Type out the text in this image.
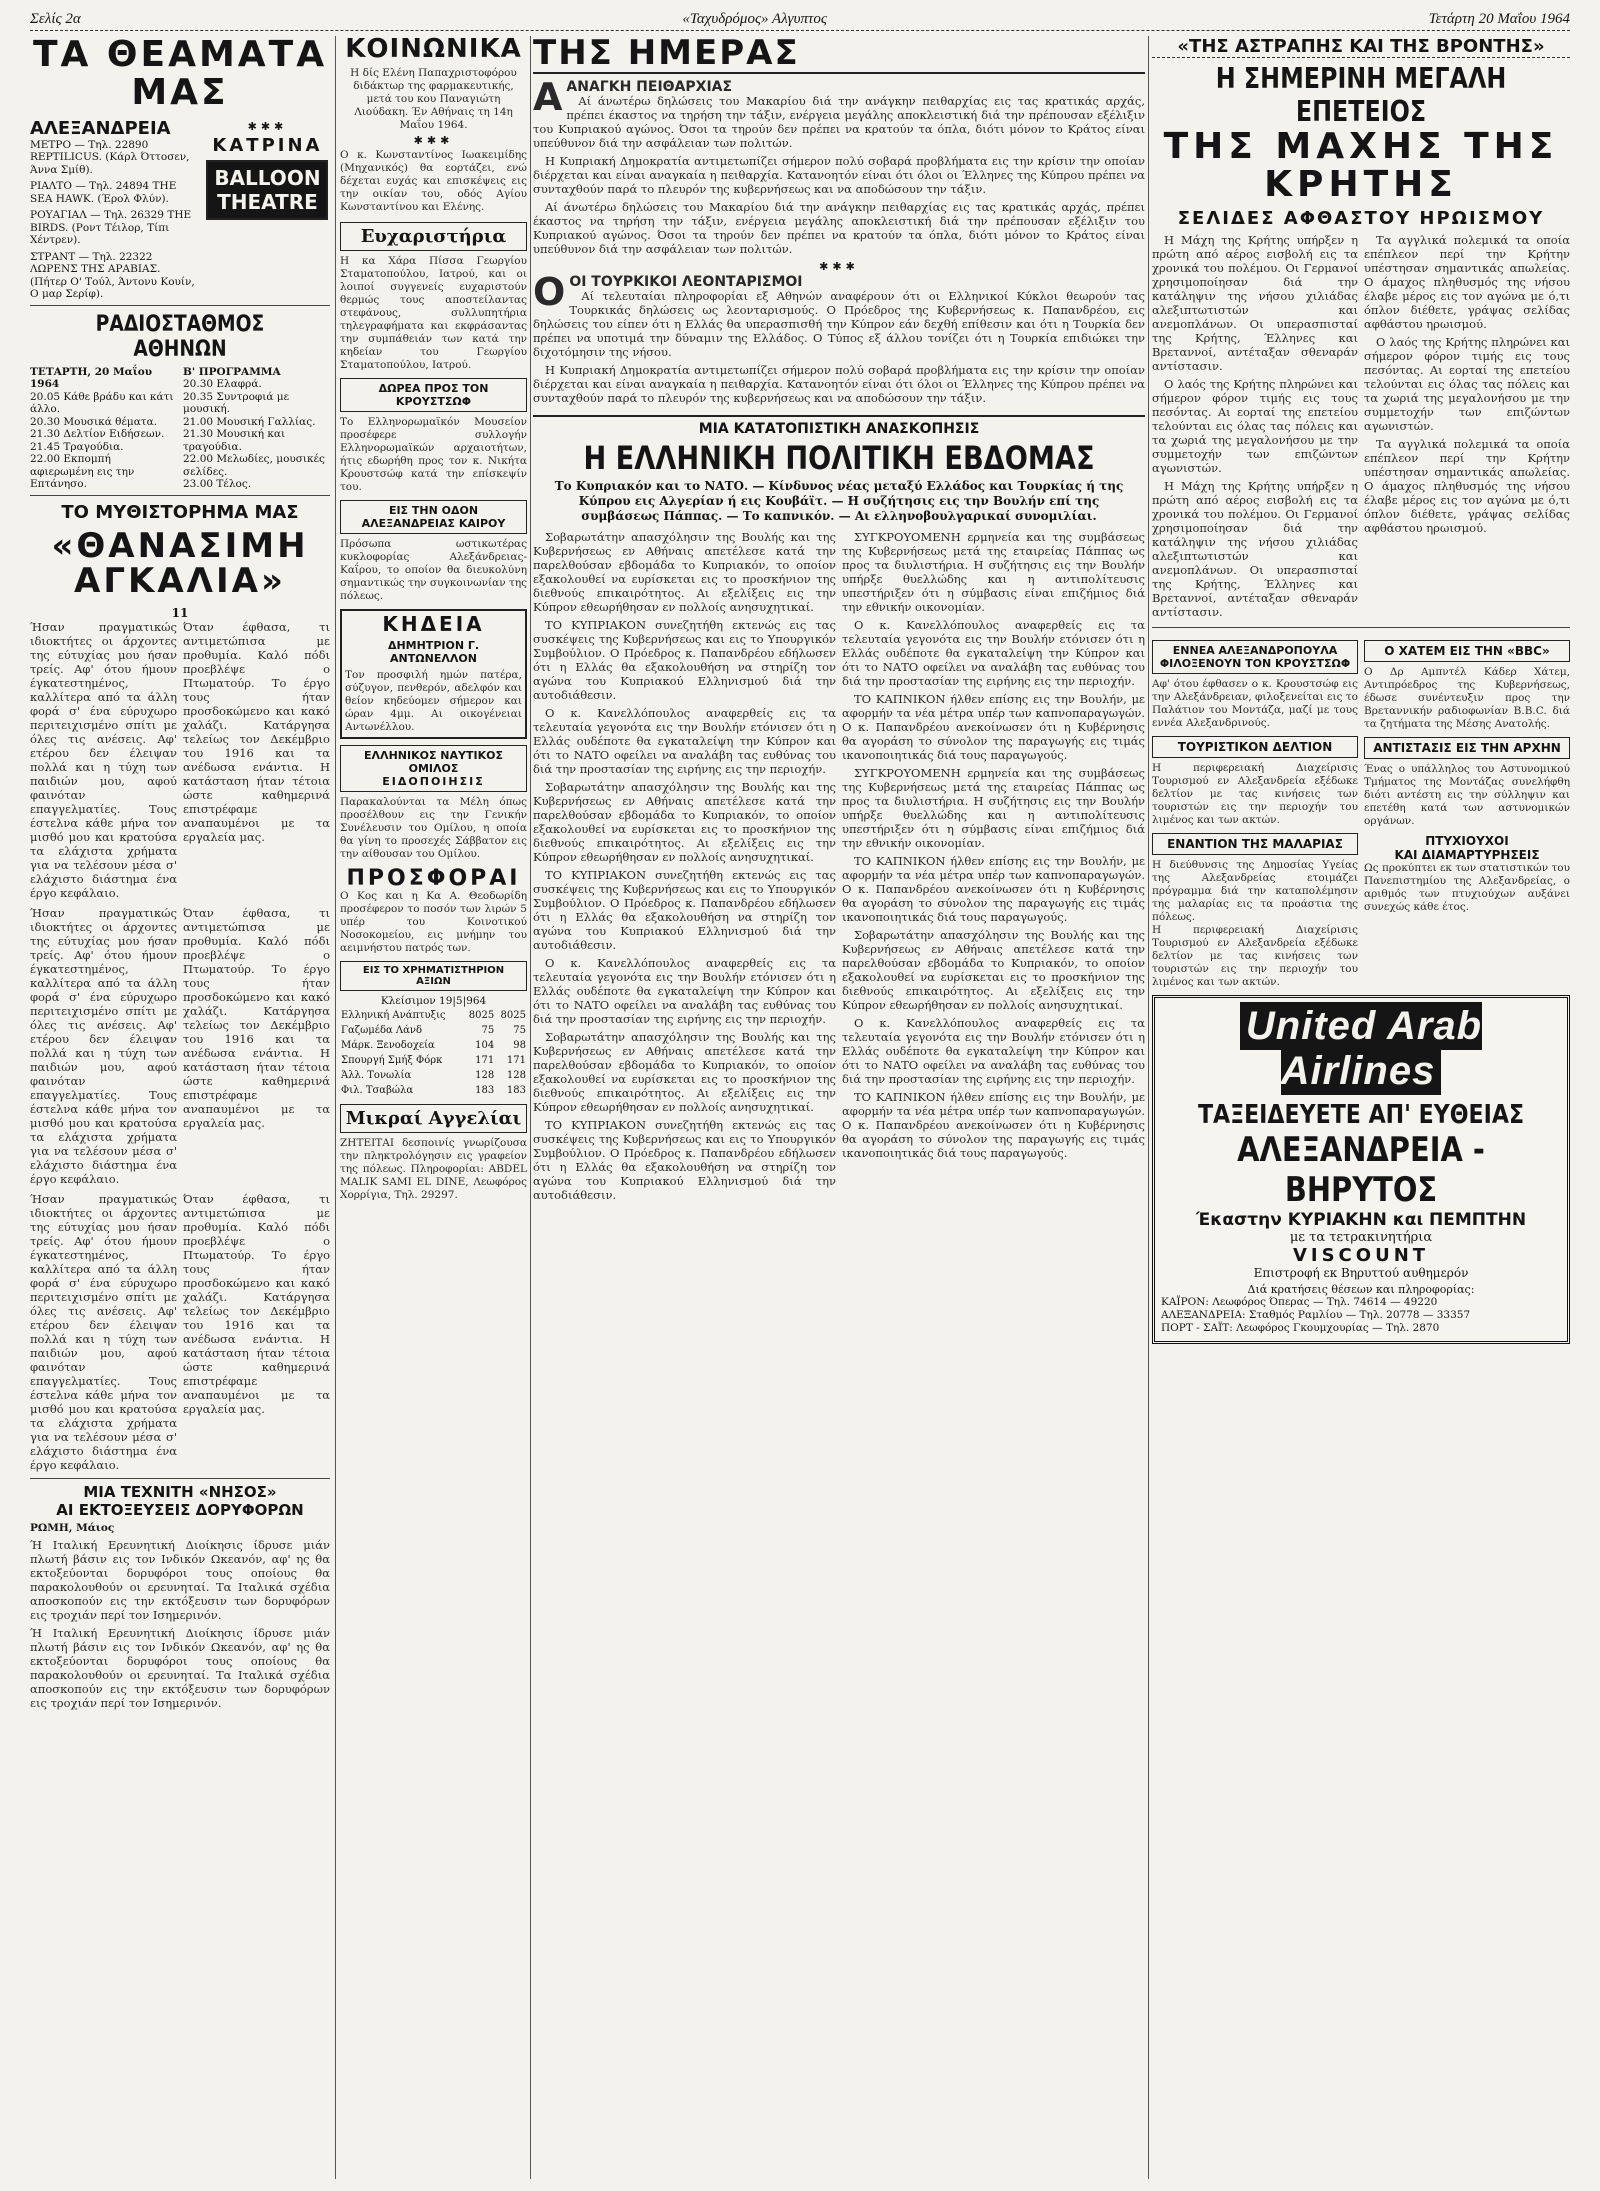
Σελίς 2α	«Ταχυδρόμος» Αλγυπτος	Τετάρτη 20 Μαΐου 1964
ΤΑ ΘΕΑΜΑΤΑ ΜΑΣ
ΑΛΕΞΑΝΔΡΕΙΑ
ΜΕΤΡΟ — Τηλ. 22890 REPTILICUS. (Κάρλ Όττοσεν, Άννα Σμίθ).
ΡΙΑΛΤΟ — Τηλ. 24894 THE SEA HAWK. (Έρολ Φλύν).
ΡΟΥΑΓΙΑΛ — Τηλ. 26329 THE BIRDS. (Ροντ Τέιλορ, Τίπι Χέντρεν).
ΣΤΡΑΝΤ — Τηλ. 22322 ΛΩΡΕΝΣ ΤΗΣ ΑΡΑΒΙΑΣ. (Πήτερ Ο' Τούλ, Άντονυ Κουίν, Ο μαρ Σερίφ).
✱✱✱
ΚΑΤΡΙΝΑ
BALLOON
THEATRE
ΡΑΔΙΟΣΤΑΘΜΟΣ ΑΘΗΝΩΝ
ΤΕΤΑΡΤΗ, 20 Μαΐου 1964
20.05 Κάθε βράδυ και κάτι άλλο.
20.30 Μουσικά θέματα.
21.30 Δελτίον Ειδήσεων.
21.45 Τραγούδια.
22.00 Εκπομπή αφιερωμένη εις την Επτάνησο.
Β' ΠΡΟΓΡΑΜΜΑ
20.30 Ελαφρά.
20.35 Συντροφιά με μουσική.
21.00 Μουσική Γαλλίας.
21.30 Μουσική και τραγούδια.
22.00 Μελωδίες, μουσικές σελίδες.
23.00 Τέλος.
ΤΟ ΜΥΘΙΣΤΟΡΗΜΑ ΜΑΣ
«ΘΑΝΑΣΙΜΗ ΑΓΚΑΛΙΑ»
11
Ήσαν πραγματικώς ιδιοκτήτες οι άρχοντες της εύτυχίας μου ήσαν τρείς. Αφ' ότου ήμουν έγκατεστημένος, καλλίτερα από τα άλλη φορά σ' ένα εύρυχωρο περιτειχισμένο σπίτι με όλες τις ανέσεις. Αφ' ετέρου δεν έλειψαν πολλά και η τύχη των παιδιών μου, αφού φαινόταν επαγγελματίες. Τους έστελνα κάθε μήνα τον μισθό μου και κρατούσα τα ελάχιστα χρήματα για να τελέσουν μέσα σ' ελάχιστο διάστημα ένα έργο κεφάλαιο.
Όταν έφθασα, τι αντιμετώπισα με προθυμία. Καλό πόδι προεβλέψε ο Πτωματούρ. Το έργο τους ήταν προσδοκώμενο και κακό χαλάζι. Κατάργησα τελείως τον Δεκέμβριο του 1916 και τα ανέδωσα ενάντια. Η κατάσταση ήταν τέτοια ώστε καθημερινά επιστρέφαμε αναπαυμένοι με τα εργαλεία μας.
Ήσαν πραγματικώς ιδιοκτήτες οι άρχοντες της εύτυχίας μου ήσαν τρείς. Αφ' ότου ήμουν έγκατεστημένος, καλλίτερα από τα άλλη φορά σ' ένα εύρυχωρο περιτειχισμένο σπίτι με όλες τις ανέσεις. Αφ' ετέρου δεν έλειψαν πολλά και η τύχη των παιδιών μου, αφού φαινόταν επαγγελματίες. Τους έστελνα κάθε μήνα τον μισθό μου και κρατούσα τα ελάχιστα χρήματα για να τελέσουν μέσα σ' ελάχιστο διάστημα ένα έργο κεφάλαιο.
Όταν έφθασα, τι αντιμετώπισα με προθυμία. Καλό πόδι προεβλέψε ο Πτωματούρ. Το έργο τους ήταν προσδοκώμενο και κακό χαλάζι. Κατάργησα τελείως τον Δεκέμβριο του 1916 και τα ανέδωσα ενάντια. Η κατάσταση ήταν τέτοια ώστε καθημερινά επιστρέφαμε αναπαυμένοι με τα εργαλεία μας.
Ήσαν πραγματικώς ιδιοκτήτες οι άρχοντες της εύτυχίας μου ήσαν τρείς. Αφ' ότου ήμουν έγκατεστημένος, καλλίτερα από τα άλλη φορά σ' ένα εύρυχωρο περιτειχισμένο σπίτι με όλες τις ανέσεις. Αφ' ετέρου δεν έλειψαν πολλά και η τύχη των παιδιών μου, αφού φαινόταν επαγγελματίες. Τους έστελνα κάθε μήνα τον μισθό μου και κρατούσα τα ελάχιστα χρήματα για να τελέσουν μέσα σ' ελάχιστο διάστημα ένα έργο κεφάλαιο.
Όταν έφθασα, τι αντιμετώπισα με προθυμία. Καλό πόδι προεβλέψε ο Πτωματούρ. Το έργο τους ήταν προσδοκώμενο και κακό χαλάζι. Κατάργησα τελείως τον Δεκέμβριο του 1916 και τα ανέδωσα ενάντια. Η κατάσταση ήταν τέτοια ώστε καθημερινά επιστρέφαμε αναπαυμένοι με τα εργαλεία μας.
ΜΙΑ ΤΕΧΝΙΤΗ «ΝΗΣΟΣ»
ΑΙ ΕΚΤΟΞΕΥΣΕΙΣ ΔΟΡΥΦΟΡΩΝ
ΡΩΜΗ, Μάιος
Ή Ιταλική Ερευνητική Διοίκησις ίδρυσε μιάν πλωτή βάσιν εις τον Ινδικόν Ωκεανόν, αφ' ης θα εκτοξεύονται δορυφόροι τους οποίους θα παρακολουθούν οι ερευνηταί. Τα Ιταλικά σχέδια αποσκοπούν εις την εκτόξευσιν των δορυφόρων εις τροχιάν περί τον Ισημερινόν.
Ή Ιταλική Ερευνητική Διοίκησις ίδρυσε μιάν πλωτή βάσιν εις τον Ινδικόν Ωκεανόν, αφ' ης θα εκτοξεύονται δορυφόροι τους οποίους θα παρακολουθούν οι ερευνηταί. Τα Ιταλικά σχέδια αποσκοπούν εις την εκτόξευσιν των δορυφόρων εις τροχιάν περί τον Ισημερινόν.
ΚΟΙΝΩΝΙΚΑ
Η δίς Ελένη Παπαχριστοφόρου διδάκτωρ της φαρμακευτικής, μετά του κου Παναγιώτη Λιούδακη. Έν Αθήναις τη 14η Μαΐου 1964.
✱✱✱
Ο κ. Κωνσταντίνος Ιωακειμίδης (Μηχανικός) θα εορτάζει, ενώ δέχεται ευχάς και επισκέψεις εις την οικίαν του, οδός Αγίου Κωνσταντίνου και Ελένης.
Ευχαριστήρια
Η κα Χάρα Πίσσα Γεωργίου Σταματοπούλου, Ιατρού, και οι λοιποί συγγενείς ευχαριστούν θερμώς τους αποστείλαντας στεφάνους, συλλυπητήρια τηλεγραφήματα και εκφράσαντας την συμπάθειάν των κατά την κηδείαν του Γεωργίου Σταματοπούλου, Ιατρού.
ΔΩΡΕΑ ΠΡΟΣ ΤΟΝ ΚΡΟΥΣΤΣΩΦ
Το Ελληνορωμαϊκόν Μουσείον προσέφερε συλλογήν Ελληνορωμαϊκών αρχαιοτήτων, ήτις εδωρήθη προς τον κ. Νικήτα Κρουστσώφ κατά την επίσκεψίν του.
ΕΙΣ ΤΗΝ ΟΔΟΝ
ΑΛΕΞΑΝΔΡΕΙΑΣ ΚΑΙΡΟΥ
Πρόσωπα ωστικωτέρας κυκλοφορίας Αλεξάνδρειας-Καΐρου, το οποίον θα διευκολύνη σημαντικώς την συγκοινωνίαν της πόλεως.
ΚΗΔΕΙΑ
ΔΗΜΗΤΡΙΟΝ Γ. ΑΝΤΩΝΕΛΛΟΝ
Τον προσφιλή ημών πατέρα, σύζυγον, πενθερόν, αδελφόν και θείον κηδεύομεν σήμερον και ώραν 4μμ. Αι οικογένειαι Αντωνέλλου.
ΕΛΛΗΝΙΚΟΣ ΝΑΥΤΙΚΟΣ ΟΜΙΛΟΣ
ΕΙΔΟΠΟΙΗΣΙΣ
Παρακαλούνται τα Μέλη όπως προσέλθουν εις την Γενικήν Συνέλευσιν του Ομίλου, η οποία θα γίνη το προσεχές Σάββατον εις την αίθουσαν του Ομίλου.
ΠΡΟΣΦΟΡΑΙ
Ο Κος και η Κα Α. Θεοδωρίδη προσέφερον το ποσόν των λιρών 5 υπέρ του Κοινοτικού Νοσοκομείου, εις μνήμην του αειμνήστου πατρός των.
ΕΙΣ ΤΟ ΧΡΗΜΑΤΙΣΤΗΡΙΟΝ ΑΞΙΩΝ
Κλείσιμον 19|5|964
Ελληνική Ανάπτυξις	8025	8025
Γαζωμέδα Λάνδ	75	75
Μάρκ. Ξενοδοχεία	104	98
Σπουργή Σμήξ Φόρκ	171	171
Άλλ. Τονωλία	128	128
Φιλ. Τσαβώλα	183	183
Μικραί Αγγελίαι
ΖΗΤΕΙΤΑΙ δεσποινίς γνωρίζουσα την πληκτρολόγησιν εις γραφείον της πόλεως. Πληροφορίαι: ABDEL MALIK SAMI EL DINE, Λεωφόρος Χορρίγια, Τηλ. 29297.
ΤΗΣ ΗΜΕΡΑΣ
Α ΑΝΑΓΚΗ ΠΕΙΘΑΡΧΙΑΣ

Αί άνωτέρω δηλώσεις του Μακαρίου διά την ανάγκην πειθαρχίας εις τας κρατικάς αρχάς, πρέπει έκαστος να τηρήση την τάξιν, ενέργεια μεγάλης αποκλειστική διά την πρέπουσαν εξέλιξιν του Κυπριακού αγώνος. Όσοι τα τηρούν δεν πρέπει να κρατούν τα όπλα, διότι μόνον το Κράτος είναι υπεύθυνον διά την ασφάλειαν των πολιτών.

Η Κυπριακή Δημοκρατία αντιμετωπίζει σήμερον πολύ σοβαρά προβλήματα εις την κρίσιν την οποίαν διέρχεται και είναι αναγκαία η πειθαρχία. Κατανοητόν είναι ότι όλοι οι Έλληνες της Κύπρου πρέπει να συνταχθούν παρά το πλευρόν της κυβερνήσεως και να αποδώσουν την τάξιν.

Αί άνωτέρω δηλώσεις του Μακαρίου διά την ανάγκην πειθαρχίας εις τας κρατικάς αρχάς, πρέπει έκαστος να τηρήση την τάξιν, ενέργεια μεγάλης αποκλειστική διά την πρέπουσαν εξέλιξιν του Κυπριακού αγώνος. Όσοι τα τηρούν δεν πρέπει να κρατούν τα όπλα, διότι μόνον το Κράτος είναι υπεύθυνον διά την ασφάλειαν των πολιτών.

✱✱✱
Ο ΟΙ ΤΟΥΡΚΙΚΟΙ ΛΕΟΝΤΑΡΙΣΜΟΙ

Αί τελευταίαι πληροφορίαι εξ Αθηνών αναφέρουν ότι οι Ελληνικοί Κύκλοι θεωρούν τας Τουρκικάς δηλώσεις ως λεονταρισμούς. Ο Πρόεδρος της Κυβερνήσεως κ. Παπανδρέου, εις δηλώσεις του είπεν ότι η Ελλάς θα υπερασπισθή την Κύπρον εάν δεχθή επίθεσιν και ότι η Τουρκία δεν πρέπει να υποτιμά την δύναμιν της Ελλάδος. Ο Τύπος εξ άλλου τονίζει ότι η Τουρκία επιδιώκει την διχοτόμησιν της νήσου.

Η Κυπριακή Δημοκρατία αντιμετωπίζει σήμερον πολύ σοβαρά προβλήματα εις την κρίσιν την οποίαν διέρχεται και είναι αναγκαία η πειθαρχία. Κατανοητόν είναι ότι όλοι οι Έλληνες της Κύπρου πρέπει να συνταχθούν παρά το πλευρόν της κυβερνήσεως και να αποδώσουν την τάξιν.

ΜΙΑ ΚΑΤΑΤΟΠΙΣΤΙΚΗ ΑΝΑΣΚΟΠΗΣΙΣ
Η ΕΛΛΗΝΙΚΗ ΠΟΛΙΤΙΚΗ ΕΒΔΟΜΑΣ
Το Κυπριακόν και το ΝΑΤΟ. — Κίνδυνος νέας μεταξύ Ελλάδος και Τουρκίας ή της Κύπρου εις Αλγερίαν ή εις Κουβάϊτ. — Η συζήτησις εις την Βουλήν επί της συμβάσεως Πάππας. — Το καπνικόν. — Αι ελληνοβουλγαρικαί συνομιλίαι.

Σοβαρωτάτην απασχόλησιν της Βουλής και της Κυβερνήσεως εν Αθήναις απετέλεσε κατά την παρελθούσαν εβδομάδα το Κυπριακόν, το οποίον εξακολουθεί να ευρίσκεται εις το προσκήνιον της διεθνούς επικαιρότητος. Αι εξελίξεις εις την Κύπρον εθεωρήθησαν εν πολλοίς ανησυχητικαί.

ΤΟ ΚΥΠΡΙΑΚΟΝ συνεζητήθη εκτενώς εις τας συσκέψεις της Κυβερνήσεως και εις το Υπουργικόν Συμβούλιον. Ο Πρόεδρος κ. Παπανδρέου εδήλωσεν ότι η Ελλάς θα εξακολουθήση να στηρίζη τον αγώνα του Κυπριακού Ελληνισμού διά την αυτοδιάθεσιν.

Ο κ. Κανελλόπουλος αναφερθείς εις τα τελευταία γεγονότα εις την Βουλήν ετόνισεν ότι η Ελλάς ουδέποτε θα εγκαταλείψη την Κύπρον και ότι το ΝΑΤΟ οφείλει να αναλάβη τας ευθύνας του διά την προστασίαν της ειρήνης εις την περιοχήν.

Σοβαρωτάτην απασχόλησιν της Βουλής και της Κυβερνήσεως εν Αθήναις απετέλεσε κατά την παρελθούσαν εβδομάδα το Κυπριακόν, το οποίον εξακολουθεί να ευρίσκεται εις το προσκήνιον της διεθνούς επικαιρότητος. Αι εξελίξεις εις την Κύπρον εθεωρήθησαν εν πολλοίς ανησυχητικαί.

ΤΟ ΚΥΠΡΙΑΚΟΝ συνεζητήθη εκτενώς εις τας συσκέψεις της Κυβερνήσεως και εις το Υπουργικόν Συμβούλιον. Ο Πρόεδρος κ. Παπανδρέου εδήλωσεν ότι η Ελλάς θα εξακολουθήση να στηρίζη τον αγώνα του Κυπριακού Ελληνισμού διά την αυτοδιάθεσιν.

Ο κ. Κανελλόπουλος αναφερθείς εις τα τελευταία γεγονότα εις την Βουλήν ετόνισεν ότι η Ελλάς ουδέποτε θα εγκαταλείψη την Κύπρον και ότι το ΝΑΤΟ οφείλει να αναλάβη τας ευθύνας του διά την προστασίαν της ειρήνης εις την περιοχήν.

Σοβαρωτάτην απασχόλησιν της Βουλής και της Κυβερνήσεως εν Αθήναις απετέλεσε κατά την παρελθούσαν εβδομάδα το Κυπριακόν, το οποίον εξακολουθεί να ευρίσκεται εις το προσκήνιον της διεθνούς επικαιρότητος. Αι εξελίξεις εις την Κύπρον εθεωρήθησαν εν πολλοίς ανησυχητικαί.

ΤΟ ΚΥΠΡΙΑΚΟΝ συνεζητήθη εκτενώς εις τας συσκέψεις της Κυβερνήσεως και εις το Υπουργικόν Συμβούλιον. Ο Πρόεδρος κ. Παπανδρέου εδήλωσεν ότι η Ελλάς θα εξακολουθήση να στηρίζη τον αγώνα του Κυπριακού Ελληνισμού διά την αυτοδιάθεσιν.

ΣΥΓΚΡΟΥΟΜΕΝΗ ερμηνεία και της συμβάσεως της Κυβερνήσεως μετά της εταιρείας Πάππας ως προς τα διυλιστήρια. Η συζήτησις εις την Βουλήν υπήρξε θυελλώδης και η αντιπολίτευσις υπεστήριξεν ότι η σύμβασις είναι επιζήμιος διά την εθνικήν οικονομίαν.

Ο κ. Κανελλόπουλος αναφερθείς εις τα τελευταία γεγονότα εις την Βουλήν ετόνισεν ότι η Ελλάς ουδέποτε θα εγκαταλείψη την Κύπρον και ότι το ΝΑΤΟ οφείλει να αναλάβη τας ευθύνας του διά την προστασίαν της ειρήνης εις την περιοχήν.

ΤΟ ΚΑΠΝΙΚΟΝ ήλθεν επίσης εις την Βουλήν, με αφορμήν τα νέα μέτρα υπέρ των καπνοπαραγωγών. Ο κ. Παπανδρέου ανεκοίνωσεν ότι η Κυβέρνησις θα αγοράση το σύνολον της παραγωγής εις τιμάς ικανοποιητικάς διά τους παραγωγούς.

ΣΥΓΚΡΟΥΟΜΕΝΗ ερμηνεία και της συμβάσεως της Κυβερνήσεως μετά της εταιρείας Πάππας ως προς τα διυλιστήρια. Η συζήτησις εις την Βουλήν υπήρξε θυελλώδης και η αντιπολίτευσις υπεστήριξεν ότι η σύμβασις είναι επιζήμιος διά την εθνικήν οικονομίαν.

ΤΟ ΚΑΠΝΙΚΟΝ ήλθεν επίσης εις την Βουλήν, με αφορμήν τα νέα μέτρα υπέρ των καπνοπαραγωγών. Ο κ. Παπανδρέου ανεκοίνωσεν ότι η Κυβέρνησις θα αγοράση το σύνολον της παραγωγής εις τιμάς ικανοποιητικάς διά τους παραγωγούς.

Σοβαρωτάτην απασχόλησιν της Βουλής και της Κυβερνήσεως εν Αθήναις απετέλεσε κατά την παρελθούσαν εβδομάδα το Κυπριακόν, το οποίον εξακολουθεί να ευρίσκεται εις το προσκήνιον της διεθνούς επικαιρότητος. Αι εξελίξεις εις την Κύπρον εθεωρήθησαν εν πολλοίς ανησυχητικαί.

Ο κ. Κανελλόπουλος αναφερθείς εις τα τελευταία γεγονότα εις την Βουλήν ετόνισεν ότι η Ελλάς ουδέποτε θα εγκαταλείψη την Κύπρον και ότι το ΝΑΤΟ οφείλει να αναλάβη τας ευθύνας του διά την προστασίαν της ειρήνης εις την περιοχήν.

ΤΟ ΚΑΠΝΙΚΟΝ ήλθεν επίσης εις την Βουλήν, με αφορμήν τα νέα μέτρα υπέρ των καπνοπαραγωγών. Ο κ. Παπανδρέου ανεκοίνωσεν ότι η Κυβέρνησις θα αγοράση το σύνολον της παραγωγής εις τιμάς ικανοποιητικάς διά τους παραγωγούς.

«ΤΗΣ ΑΣΤΡΑΠΗΣ ΚΑΙ ΤΗΣ ΒΡΟΝΤΗΣ»
Η ΣΗΜΕΡΙΝΗ ΜΕΓΑΛΗ ΕΠΕΤΕΙΟΣ
ΤΗΣ ΜΑΧΗΣ ΤΗΣ ΚΡΗΤΗΣ
ΣΕΛΙΔΕΣ ΑΦΘΑΣΤΟΥ ΗΡΩΙΣΜΟΥ

Η Μάχη της Κρήτης υπήρξεν η πρώτη από αέρος εισβολή εις τα χρονικά του πολέμου. Οι Γερμανοί χρησιμοποίησαν διά την κατάληψιν της νήσου χιλιάδας αλεξιπτωτιστών και ανεμοπλάνων. Οι υπερασπισταί της Κρήτης, Έλληνες και Βρεταννοί, αντέταξαν σθεναράν αντίστασιν.

Ο λαός της Κρήτης πληρώνει και σήμερον φόρον τιμής εις τους πεσόντας. Αι εορταί της επετείου τελούνται εις όλας τας πόλεις και τα χωριά της μεγαλονήσου με την συμμετοχήν των επιζώντων αγωνιστών.

Η Μάχη της Κρήτης υπήρξεν η πρώτη από αέρος εισβολή εις τα χρονικά του πολέμου. Οι Γερμανοί χρησιμοποίησαν διά την κατάληψιν της νήσου χιλιάδας αλεξιπτωτιστών και ανεμοπλάνων. Οι υπερασπισταί της Κρήτης, Έλληνες και Βρεταννοί, αντέταξαν σθεναράν αντίστασιν.

Τα αγγλικά πολεμικά τα οποία επέπλεον περί την Κρήτην υπέστησαν σημαντικάς απωλείας. Ο άμαχος πληθυσμός της νήσου έλαβε μέρος εις τον αγώνα με ό,τι όπλον διέθετε, γράψας σελίδας αφθάστου ηρωισμού.

Ο λαός της Κρήτης πληρώνει και σήμερον φόρον τιμής εις τους πεσόντας. Αι εορταί της επετείου τελούνται εις όλας τας πόλεις και τα χωριά της μεγαλονήσου με την συμμετοχήν των επιζώντων αγωνιστών.

Τα αγγλικά πολεμικά τα οποία επέπλεον περί την Κρήτην υπέστησαν σημαντικάς απωλείας. Ο άμαχος πληθυσμός της νήσου έλαβε μέρος εις τον αγώνα με ό,τι όπλον διέθετε, γράψας σελίδας αφθάστου ηρωισμού.

ΕΝΝΕΑ ΑΛΕΞΑΝΔΡΟΠΟΥΛΑ
ΦΙΛΟΞΕΝΟΥΝ ΤΟΝ ΚΡΟΥΣΤΣΩΦ
Αφ' ότου έφθασεν ο κ. Κρουστσώφ εις την Αλεξάνδρειαν, φιλοξενείται εις το Παλάτιον του Μοντάζα, μαζί με τους εννέα Αλεξανδρινούς.
ΤΟΥΡΙΣΤΙΚΟΝ ΔΕΛΤΙΟΝ
Η περιφερειακή Διαχείρισις Τουρισμού εν Αλεξανδρεία εξέδωκε δελτίον με τας κινήσεις των τουριστών εις την περιοχήν του λιμένος και των ακτών.
ΕΝΑΝΤΙΟΝ ΤΗΣ ΜΑΛΑΡΙΑΣ
Η διεύθυνσις της Δημοσίας Υγείας της Αλεξανδρείας ετοιμάζει πρόγραμμα διά την καταπολέμησιν της μαλαρίας εις τα προάστια της πόλεως.
Η περιφερειακή Διαχείρισις Τουρισμού εν Αλεξανδρεία εξέδωκε δελτίον με τας κινήσεις των τουριστών εις την περιοχήν του λιμένος και των ακτών.
Ο ΧΑΤΕΜ ΕΙΣ ΤΗΝ «BBC»
Ο Δρ Αμπντέλ Κάδερ Χάτεμ, Αντιπρόεδρος της Κυβερνήσεως, έδωσε συνέντευξιν προς την Βρεταννικήν ραδιοφωνίαν B.B.C. διά τα ζητήματα της Μέσης Ανατολής.
ΑΝΤΙΣΤΑΣΙΣ ΕΙΣ ΤΗΝ ΑΡΧΗΝ
Ένας ο υπάλληλος του Αστυνομικού Τμήματος της Μοντάζας συνελήφθη διότι αντέστη εις την σύλληψιν και επετέθη κατά των αστυνομικών οργάνων.
ΠΤΥΧΙΟΥΧΟΙ
ΚΑΙ ΔΙΑΜΑΡΤΥΡΗΣΕΙΣ
Ως προκύπτει εκ των στατιστικών του Πανεπιστημίου της Αλεξανδρείας, ο αριθμός των πτυχιούχων αυξάνει συνεχώς κάθε έτος.
United Arab Airlines
ΤΑΞΕΙΔΕΥΕΤΕ ΑΠ' ΕΥΘΕΙΑΣ
ΑΛΕΞΑΝΔΡΕΙΑ - ΒΗΡΥΤΟΣ
Έκαστην ΚΥΡΙΑΚΗΝ και ΠΕΜΠΤΗΝ
με τα τετρακινητήρια
VISCOUNT
Επιστροφή εκ Βηρυττού αυθημερόν
Διά κρατήσεις θέσεων και πληροφορίας:
ΚΑΪΡΟΝ: Λεωφόρος Όπερας — Τηλ. 74614 — 49220
ΑΛΕΞΑΝΔΡΕΙΑ: Σταθμός Ραμλίου — Τηλ. 20778 — 33357
ΠΟΡΤ - ΣΑΪΤ: Λεωφόρος Γκουμχουρίας — Τηλ. 2870
